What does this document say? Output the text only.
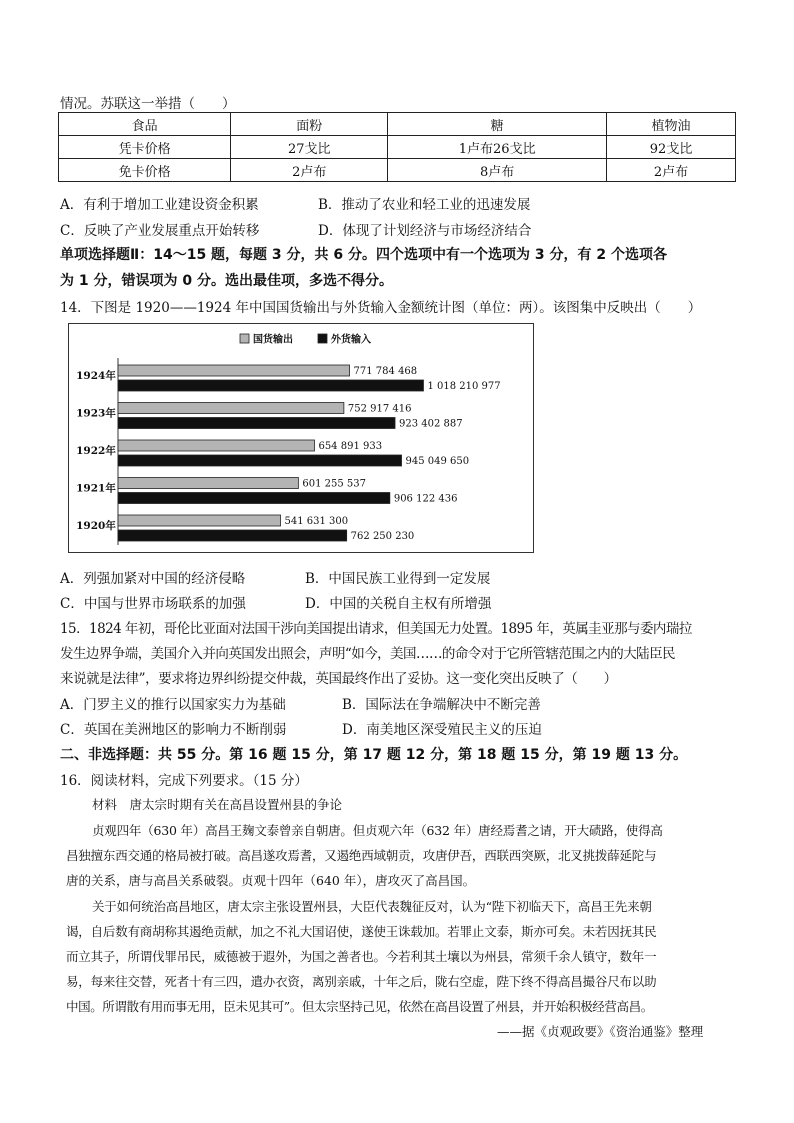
情况。苏联这一举措（　　）
食品	面粉	糖	植物油
凭卡价格	27戈比	1卢布26戈比	92戈比
免卡价格	2卢布	8卢布	2卢布
A．有利于增加工业建设资金积累	B．推动了农业和轻工业的迅速发展
C．反映了产业发展重点开始转移	D．体现了计划经济与市场经济结合
单项选择题Ⅱ：14～15 题，每题 3 分，共 6 分。四个选项中有一个选项为 3 分，有 2 个选项各
为 1 分，错误项为 0 分。选出最佳项，多选不得分。
14．下图是 1920——1924 年中国国货输出与外货输入金额统计图（单位：两）。该图集中反映出（　　）
国货输出	外货输入
1924年	771 784 468
1 018 210 977
1923年	752 917 416
923 402 887
1922年	654 891 933
945 049 650
1921年	601 255 537
906 122 436
1920年	541 631 300
762 250 230
A．列强加紧对中国的经济侵略	B．中国民族工业得到一定发展
C．中国与世界市场联系的加强	D．中国的关税自主权有所增强
15．1824 年初，哥伦比亚面对法国干涉向美国提出请求，但美国无力处置。1895 年，英属圭亚那与委内瑞拉
发生边界争端，美国介入并向英国发出照会，声明“如今，美国……的命令对于它所管辖范围之内的大陆臣民
来说就是法律”，要求将边界纠纷提交仲裁，英国最终作出了妥协。这一变化突出反映了（　　）
A．门罗主义的推行以国家实力为基础	B．国际法在争端解决中不断完善
C．英国在美洲地区的影响力不断削弱	D．南美地区深受殖民主义的压迫
二、非选择题：共 55 分。第 16 题 15 分，第 17 题 12 分，第 18 题 15 分，第 19 题 13 分。
16．阅读材料，完成下列要求。（15 分）
材料　唐太宗时期有关在高昌设置州县的争论
贞观四年（630 年）高昌王麹文泰曾亲自朝唐。但贞观六年（632 年）唐经焉耆之请，开大碛路，使得高
昌独擅东西交通的格局被打破。高昌遂攻焉耆，又遏绝西域朝贡，攻唐伊吾，西联西突厥，北叉挑拨薛延陀与
唐的关系，唐与高昌关系破裂。贞观十四年（640 年），唐攻灭了高昌国。
关于如何统治高昌地区，唐太宗主张设置州县，大臣代表魏征反对，认为“陛下初临天下，高昌王先来朝
谒，自后数有商胡称其遏绝贡献，加之不礼大国诏使，遂使王诛载加。若罪止文泰，斯亦可矣。未若因抚其民
而立其子，所谓伐罪吊民，威德被于遐外，为国之善者也。今若利其土壤以为州县，常须千余人镇守，数年一
易，每来往交替，死者十有三四，遣办衣资，离别亲戚，十年之后，陇右空虚，陛下终不得高昌撮谷尺布以助
中国。所谓散有用而事无用，臣未见其可”。但太宗坚持己见，依然在高昌设置了州县，并开始积极经营高昌。
——据《贞观政要》《资治通鉴》整理
